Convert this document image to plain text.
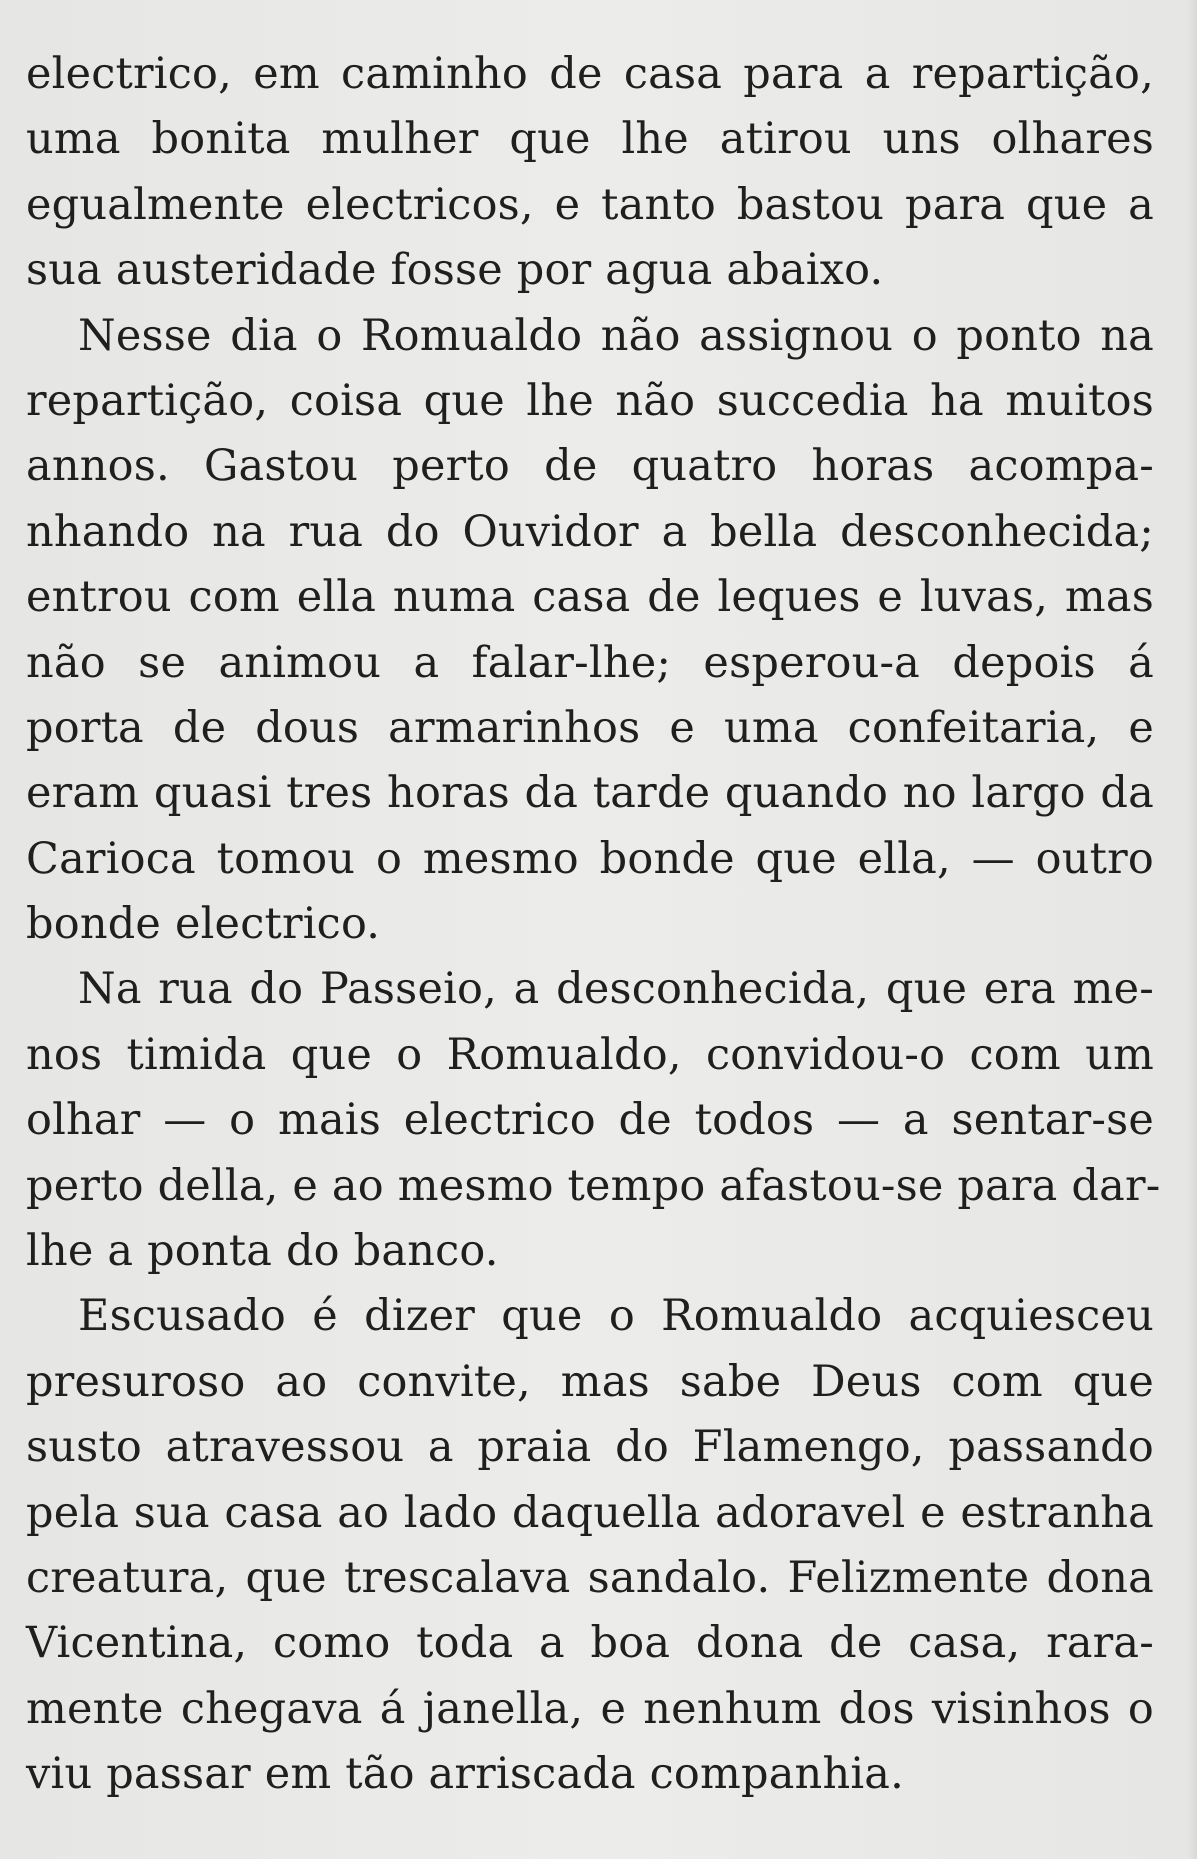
electrico, em caminho de casa para a repartição,
uma bonita mulher que lhe atirou uns olhares
egualmente electricos, e tanto bastou para que a
sua austeridade fosse por agua abaixo.
Nesse dia o Romualdo não assignou o ponto na
repartição, coisa que lhe não succedia ha muitos
annos. Gastou perto de quatro horas acompa-
nhando na rua do Ouvidor a bella desconhecida;
entrou com ella numa casa de leques e luvas, mas
não se animou a falar-lhe; esperou-a depois á
porta de dous armarinhos e uma confeitaria, e
eram quasi tres horas da tarde quando no largo da
Carioca tomou o mesmo bonde que ella, — outro
bonde electrico.
Na rua do Passeio, a desconhecida, que era me-
nos timida que o Romualdo, convidou-o com um
olhar — o mais electrico de todos — a sentar-se
perto della, e ao mesmo tempo afastou-se para dar-
lhe a ponta do banco.
Escusado é dizer que o Romualdo acquiesceu
presuroso ao convite, mas sabe Deus com que
susto atravessou a praia do Flamengo, passando
pela sua casa ao lado daquella adoravel e estranha
creatura, que trescalava sandalo. Felizmente dona
Vicentina, como toda a boa dona de casa, rara-
mente chegava á janella, e nenhum dos visinhos o
viu passar em tão arriscada companhia.
